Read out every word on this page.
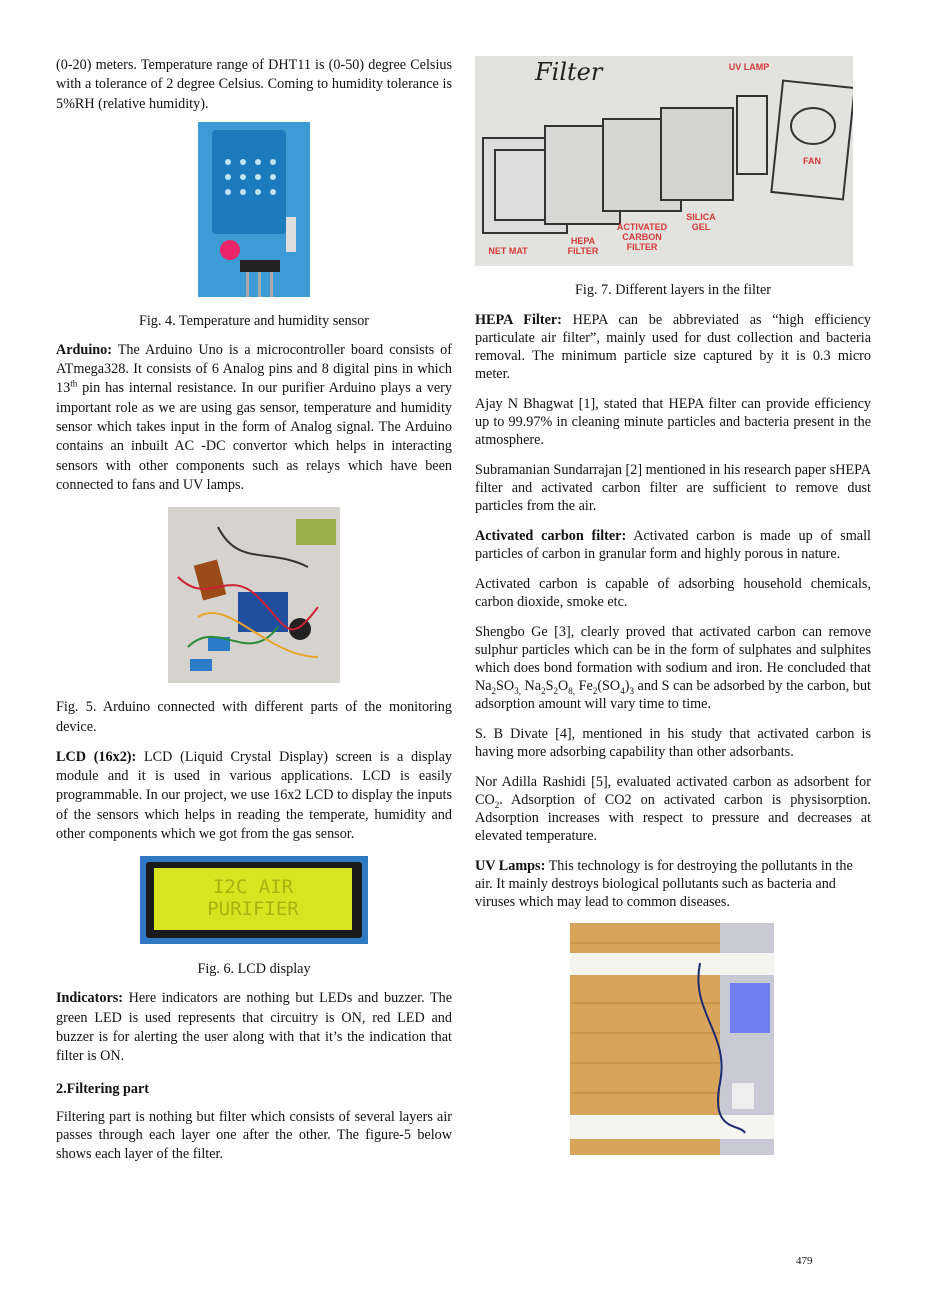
(0-20) meters. Temperature range of DHT11 is (0-50) degree Celsius with a tolerance of 2 degree Celsius. Coming to humidity tolerance is 5%RH (relative humidity).

Fig. 4. Temperature and humidity sensor

Arduino: The Arduino Uno is a microcontroller board consists of ATmega328. It consists of 6 Analog pins and 8 digital pins in which 13th pin has internal resistance. In our purifier Arduino plays a very important role as we are using gas sensor, temperature and humidity sensor which takes input in the form of Analog signal. The Arduino contains an inbuilt AC -DC convertor which helps in interacting sensors with other components such as relays which have been connected to fans and UV lamps.

Fig. 5. Arduino connected with different parts of the monitoring device.

LCD (16x2): LCD (Liquid Crystal Display) screen is a display module and it is used in various applications. LCD is easily programmable. In our project, we use 16x2 LCD to display the inputs of the sensors which helps in reading the temperate, humidity and other components which we got from the gas sensor.

I2C AIR
PURIFIER

Fig. 6. LCD display

Indicators: Here indicators are nothing but LEDs and buzzer. The green LED is used represents that circuitry is ON, red LED and buzzer is for alerting the user along with that it’s the indication that filter is ON.

2.Filtering part

Filtering part is nothing but filter which consists of several layers air passes through each layer one after the other. The figure-5 below shows each layer of the filter.

Filter	UV LAMP
FAN
NET MAT
HEPA FILTER
ACTIVATED CARBON FILTER
SILICA GEL

Fig. 7. Different layers in the filter

HEPA Filter: HEPA can be abbreviated as “high efficiency particulate air filter”, mainly used for dust collection and bacteria removal. The minimum particle size captured by it is 0.3 micro meter.

Ajay N Bhagwat [1], stated that HEPA filter can provide efficiency up to 99.97% in cleaning minute particles and bacteria present in the atmosphere.

Subramanian Sundarrajan [2] mentioned in his research paper sHEPA filter and activated carbon filter are sufficient to remove dust particles from the air.

Activated carbon filter: Activated carbon is made up of small particles of carbon in granular form and highly porous in nature.

Activated carbon is capable of adsorbing household chemicals, carbon dioxide, smoke etc.

Shengbo Ge [3], clearly proved that activated carbon can remove sulphur particles which can be in the form of sulphates and sulphites which does bond formation with sodium and iron. He concluded that $Na_2SO_{3,}$ $Na_2S_2O_{8,}$ $Fe_2(SO_4)_3$ and S can be adsorbed by the carbon, but adsorption amount will vary time to time.

S. B Divate [4], mentioned in his study that activated carbon is having more adsorbing capability than other adsorbants.

Nor Adilla Rashidi [5], evaluated activated carbon as adsorbent for $CO_2$. Adsorption of CO2 on activated carbon is physisorption. Adsorption increases with respect to pressure and decreases at elevated temperature.

UV Lamps: This technology is for destroying the pollutants in the air. It mainly destroys biological pollutants such as bacteria and viruses which may lead to common diseases.

479
